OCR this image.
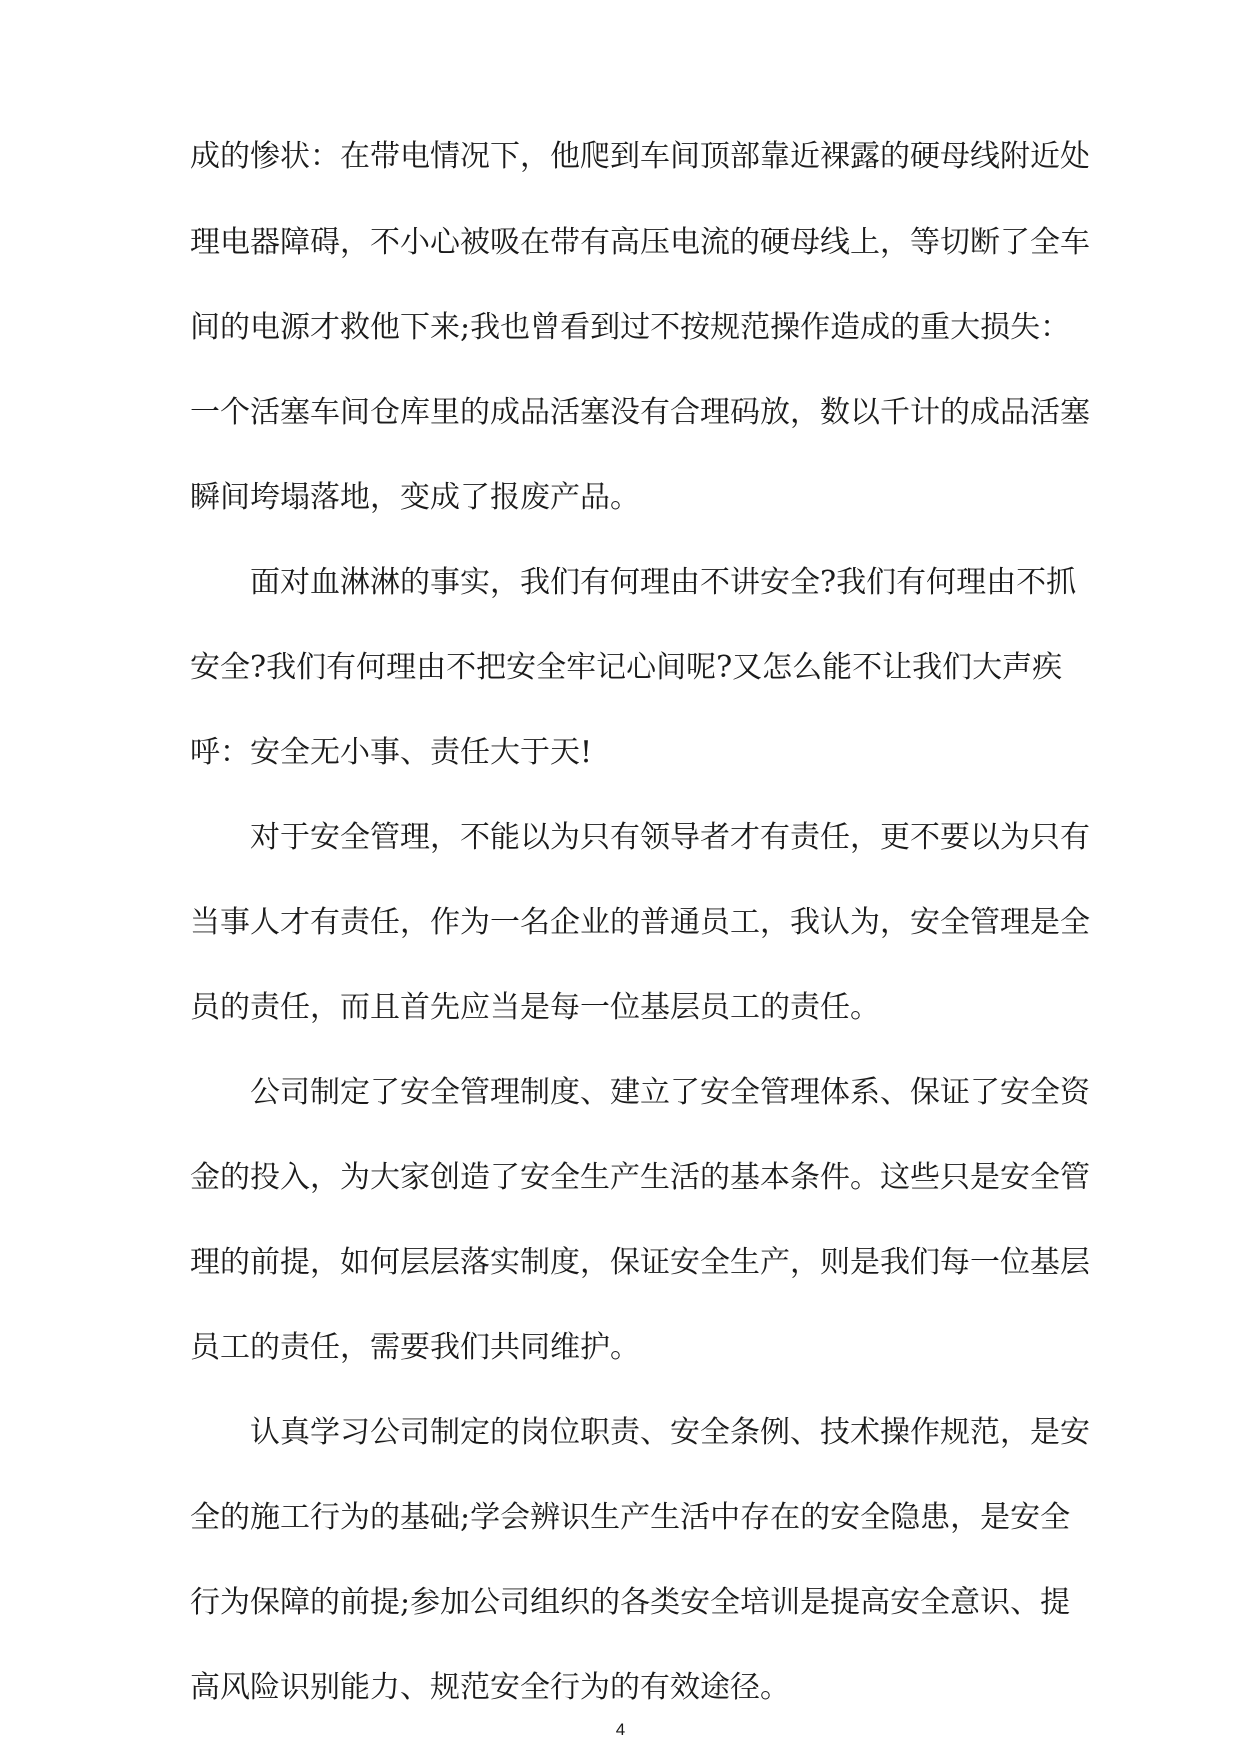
成的惨状：在带电情况下，他爬到车间顶部靠近裸露的硬母线附近处

理电器障碍，不小心被吸在带有高压电流的硬母线上，等切断了全车

间的电源才救他下来;我也曾看到过不按规范操作造成的重大损失：

一个活塞车间仓库里的成品活塞没有合理码放，数以千计的成品活塞

瞬间垮塌落地，变成了报废产品。

面对血淋淋的事实，我们有何理由不讲安全?我们有何理由不抓

安全?我们有何理由不把安全牢记心间呢?又怎么能不让我们大声疾

呼：安全无小事、责任大于天!

对于安全管理，不能以为只有领导者才有责任，更不要以为只有

当事人才有责任，作为一名企业的普通员工，我认为，安全管理是全

员的责任，而且首先应当是每一位基层员工的责任。

公司制定了安全管理制度、建立了安全管理体系、保证了安全资

金的投入，为大家创造了安全生产生活的基本条件。这些只是安全管

理的前提，如何层层落实制度，保证安全生产，则是我们每一位基层

员工的责任，需要我们共同维护。

认真学习公司制定的岗位职责、安全条例、技术操作规范，是安

全的施工行为的基础;学会辨识生产生活中存在的安全隐患，是安全

行为保障的前提;参加公司组织的各类安全培训是提高安全意识、提

高风险识别能力、规范安全行为的有效途径。

4
